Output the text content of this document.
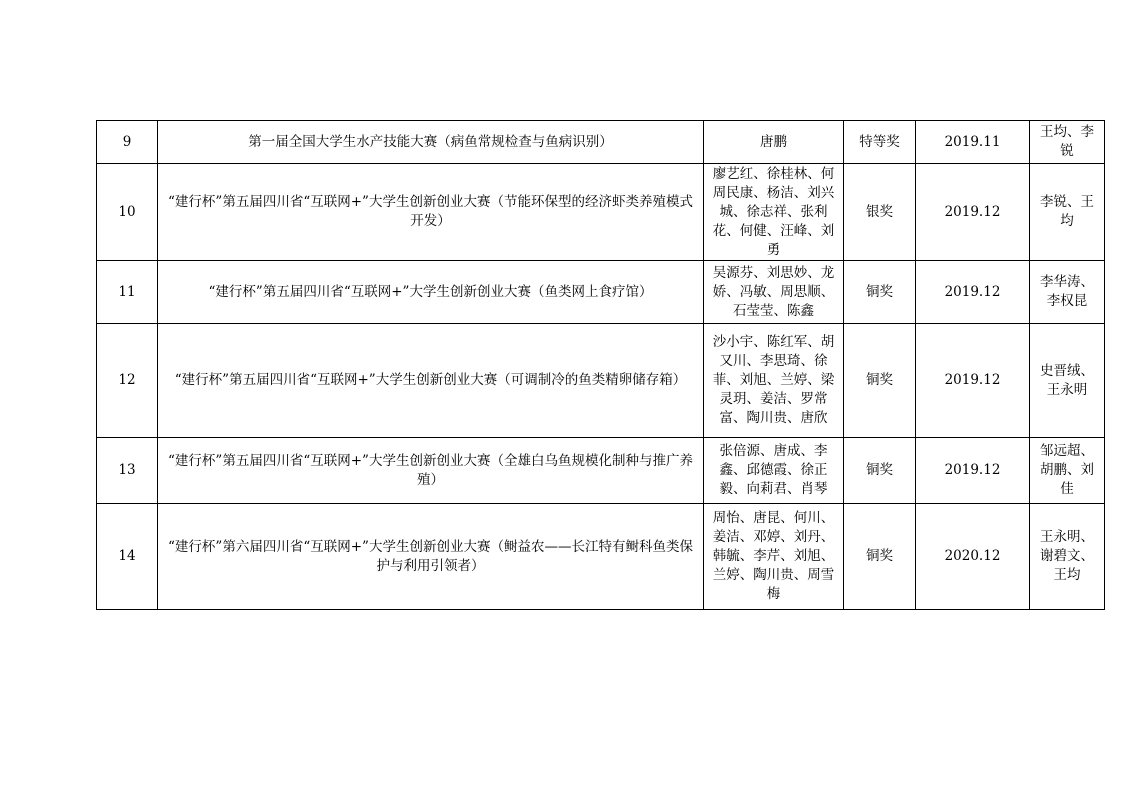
9	第一届全国大学生水产技能大赛（病鱼常规检查与鱼病识别）	唐鹏	特等奖	2019.11	王均、李锐
10	“建行杯”第五届四川省“互联网+”大学生创新创业大赛（节能环保型的经济虾类养殖模式开发）	廖艺红、徐桂林、何周民康、杨洁、刘兴城、徐志祥、张利花、何健、汪峰、刘勇	银奖	2019.12	李锐、王均
11	“建行杯”第五届四川省“互联网+”大学生创新创业大赛（鱼类网上食疗馆）	吴源芬、刘思妙、龙娇、冯敏、周思顺、石莹莹、陈鑫	铜奖	2019.12	李华涛、李权昆
12	“建行杯”第五届四川省“互联网+”大学生创新创业大赛（可调制冷的鱼类精卵储存箱）	沙小宇、陈红军、胡又川、李思琦、徐菲、刘旭、兰婷、梁灵玥、姜洁、罗常富、陶川贵、唐欣	铜奖	2019.12	史晋绒、王永明
13	“建行杯”第五届四川省“互联网+”大学生创新创业大赛（全雄白乌鱼规模化制种与推广养殖）	张倍源、唐成、李鑫、邱德霞、徐正毅、向莉君、肖琴	铜奖	2019.12	邹远超、胡鹏、刘佳
14	“建行杯”第六届四川省“互联网+”大学生创新创业大赛（鲥益农——长江特有鲥科鱼类保护与利用引领者）	周怡、唐昆、何川、姜洁、邓婷、刘丹、韩毓、李芹、刘旭、兰婷、陶川贵、周雪梅	铜奖	2020.12	王永明、谢碧文、王均
